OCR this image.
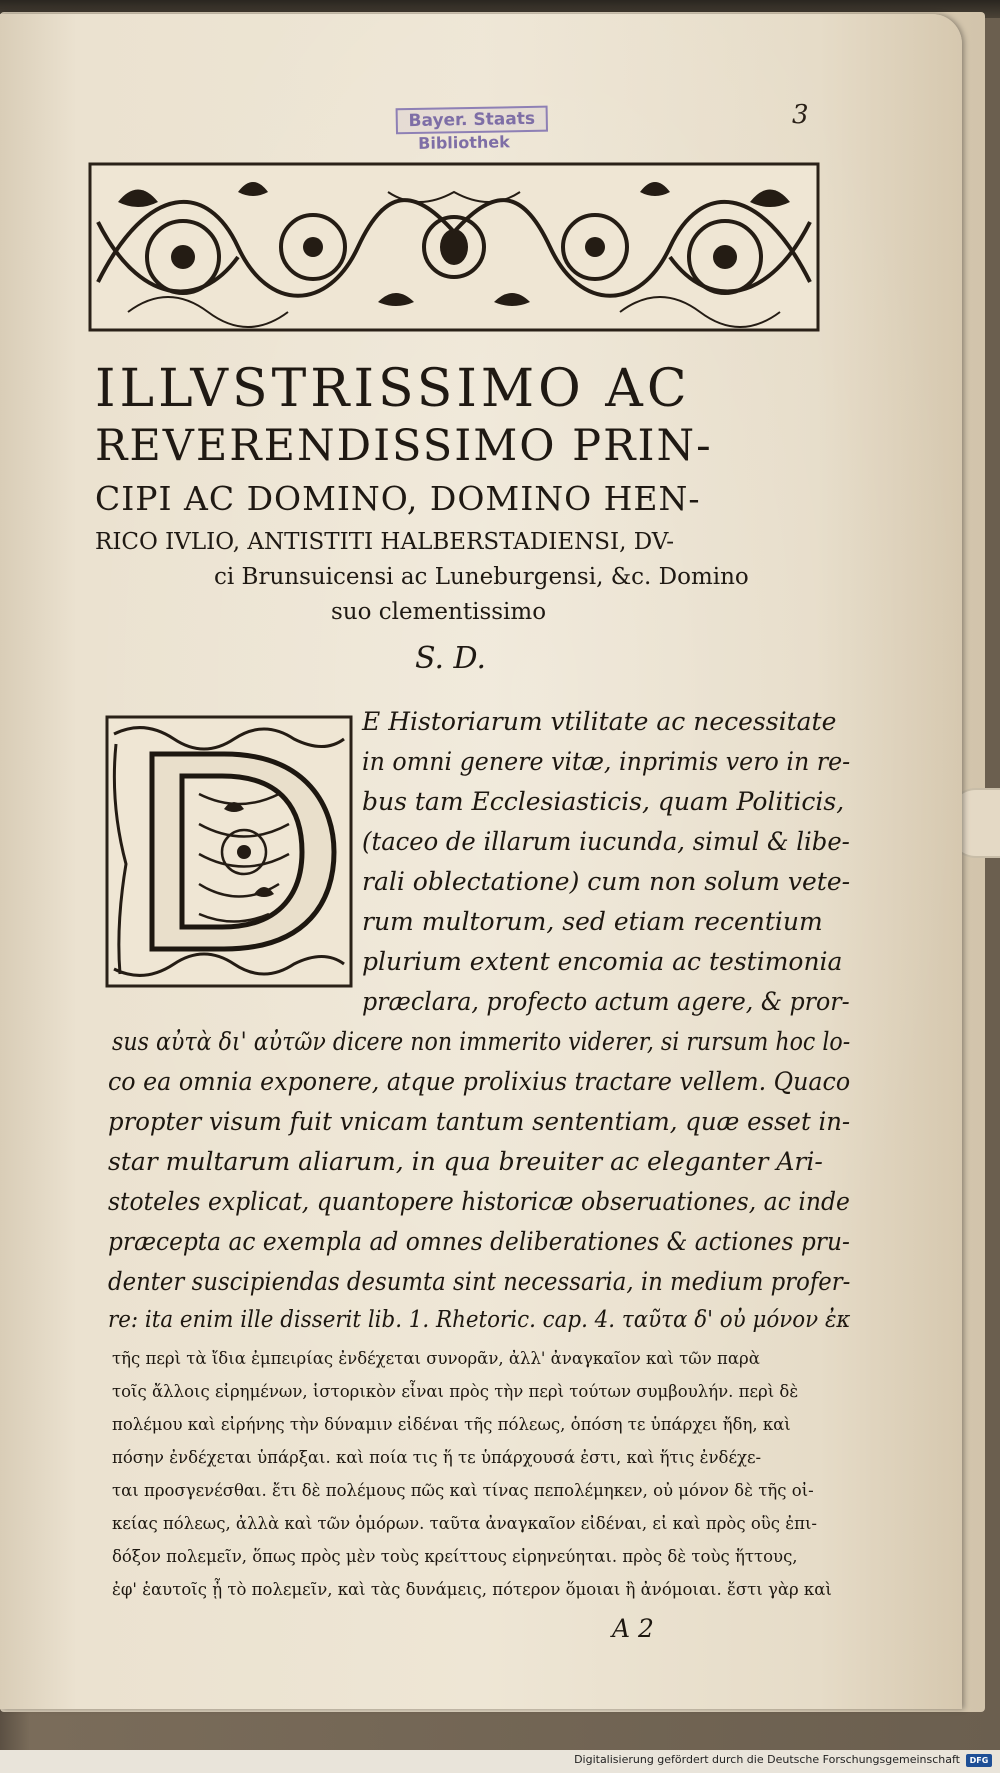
3
Bayer. Staats
Bibliothek
ILLVSTRISSIMO AC
REVERENDISSIMO PRIN-
CIPI AC DOMINO, DOMINO HEN-
RICO IVLIO, ANTISTITI HALBERSTADIENSI, DV-
ci Brunsuicensi ac Luneburgensi, &c. Domino
suo clementissimo
S. D.
E Historiarum vtilitate ac necessitate
in omni genere vitæ, inprimis vero in re-
bus tam Ecclesiasticis, quam Politicis,
(taceo de illarum iucunda, simul & libe-
rali oblectatione) cum non solum vete-
rum multorum, sed etiam recentium
plurium extent encomia ac testimonia
præclara, profecto actum agere, & pror-
sus αὐτὰ δι' αὐτῶν dicere non immerito viderer, si rursum hoc lo-
co ea omnia exponere, atque prolixius tractare vellem. Quaco
propter visum fuit vnicam tantum sententiam, quæ esset in-
star multarum aliarum, in qua breuiter ac eleganter Ari-
stoteles explicat, quantopere historicæ obseruationes, ac inde
præcepta ac exempla ad omnes deliberationes & actiones pru-
denter suscipiendas desumta sint necessaria, in medium profer-
re: ita enim ille disserit lib. 1. Rhetoric. cap. 4. ταῦτα δ' οὐ μόνον ἐκ
τῆς περὶ τὰ ἴδια ἐμπειρίας ἐνδέχεται συνορᾶν, ἀλλ' ἀναγκαῖον καὶ τῶν παρὰ
τοῖς ἄλλοις εἰρημένων, ἱστορικὸν εἶναι πρὸς τὴν περὶ τούτων συμβουλήν. περὶ δὲ
πολέμου καὶ εἰρήνης τὴν δύναμιν εἰδέναι τῆς πόλεως, ὁπόση τε ὑπάρχει ἤδη, καὶ
πόσην ἐνδέχεται ὑπάρξαι. καὶ ποία τις ἥ τε ὑπάρχουσά ἐστι, καὶ ἥτις ἐνδέχε-
ται προσγενέσθαι. ἔτι δὲ πολέμους πῶς καὶ τίνας πεπολέμηκεν, οὐ μόνον δὲ τῆς οἰ-
κείας πόλεως, ἀλλὰ καὶ τῶν ὁμόρων. ταῦτα ἀναγκαῖον εἰδέναι, εἰ καὶ πρὸς οὓς ἐπι-
δόξον πολεμεῖν, ὅπως πρὸς μὲν τοὺς κρείττους εἰρηνεύηται. πρὸς δὲ τοὺς ἥττους,
ἐφ' ἑαυτοῖς ᾖ τὸ πολεμεῖν, καὶ τὰς δυνάμεις, πότερον ὅμοιαι ἢ ἀνόμοιαι. ἔστι γὰρ καὶ
A 2
Digitalisierung gefördert durch die Deutsche Forschungsgemeinschaft	DFG
